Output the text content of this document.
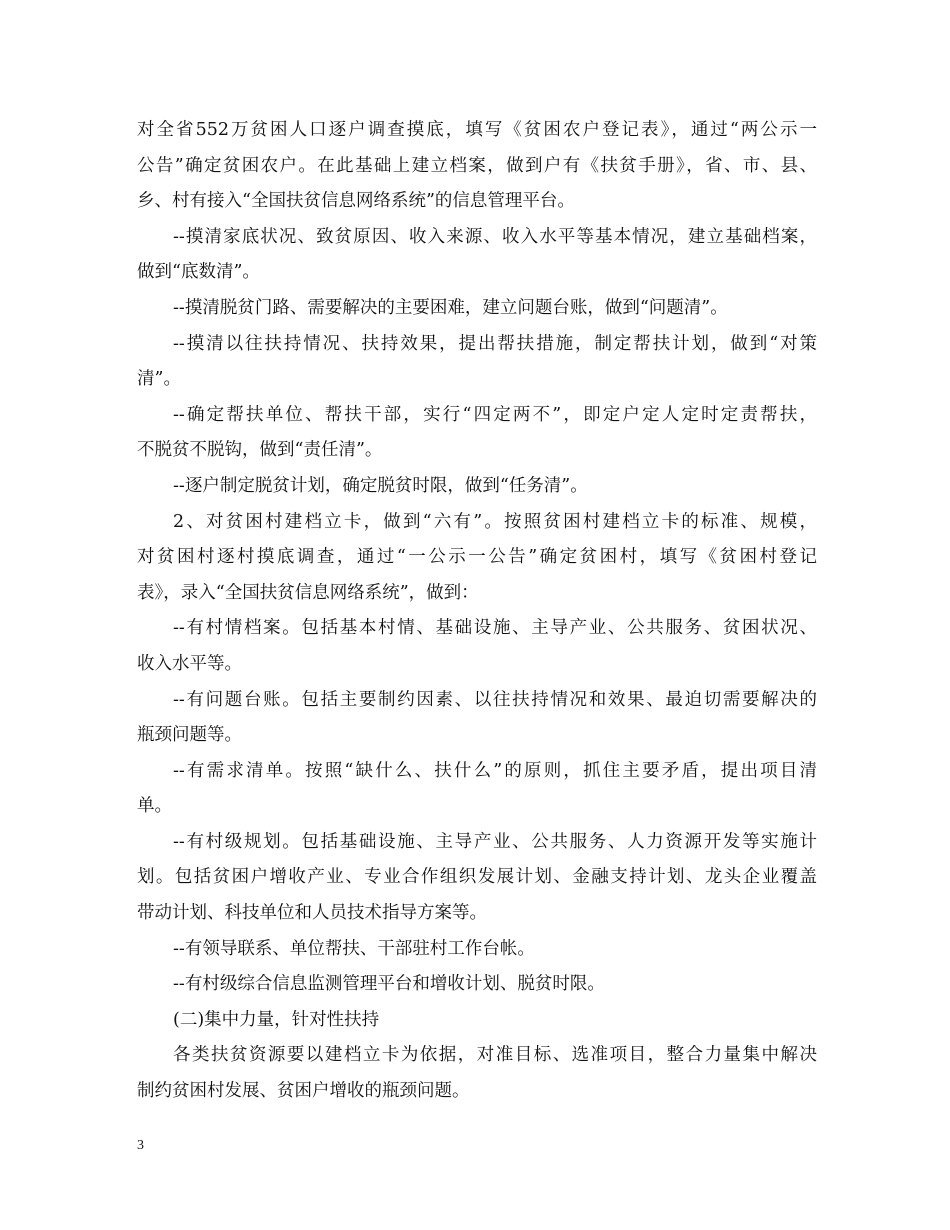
对全省552万贫困人口逐户调查摸底，填写《贫困农户登记表》，通过“两公示一
公告”确定贫困农户。在此基础上建立档案，做到户有《扶贫手册》，省、市、县、
乡、村有接入“全国扶贫信息网络系统”的信息管理平台。
--摸清家底状况、致贫原因、收入来源、收入水平等基本情况，建立基础档案，
做到“底数清”。
--摸清脱贫门路、需要解决的主要困难，建立问题台账，做到“问题清”。
--摸清以往扶持情况、扶持效果，提出帮扶措施，制定帮扶计划，做到“对策
清”。
--确定帮扶单位、帮扶干部，实行“四定两不”，即定户定人定时定责帮扶，
不脱贫不脱钩，做到“责任清”。
--逐户制定脱贫计划，确定脱贫时限，做到“任务清”。
2、对贫困村建档立卡，做到“六有”。按照贫困村建档立卡的标准、规模，
对贫困村逐村摸底调查，通过“一公示一公告”确定贫困村，填写《贫困村登记
表》，录入“全国扶贫信息网络系统”，做到：
--有村情档案。包括基本村情、基础设施、主导产业、公共服务、贫困状况、
收入水平等。
--有问题台账。包括主要制约因素、以往扶持情况和效果、最迫切需要解决的
瓶颈问题等。
--有需求清单。按照“缺什么、扶什么”的原则，抓住主要矛盾，提出项目清
单。
--有村级规划。包括基础设施、主导产业、公共服务、人力资源开发等实施计
划。包括贫困户增收产业、专业合作组织发展计划、金融支持计划、龙头企业覆盖
带动计划、科技单位和人员技术指导方案等。
--有领导联系、单位帮扶、干部驻村工作台帐。
--有村级综合信息监测管理平台和增收计划、脱贫时限。
(二)集中力量，针对性扶持
各类扶贫资源要以建档立卡为依据，对准目标、选准项目，整合力量集中解决
制约贫困村发展、贫困户增收的瓶颈问题。
3
